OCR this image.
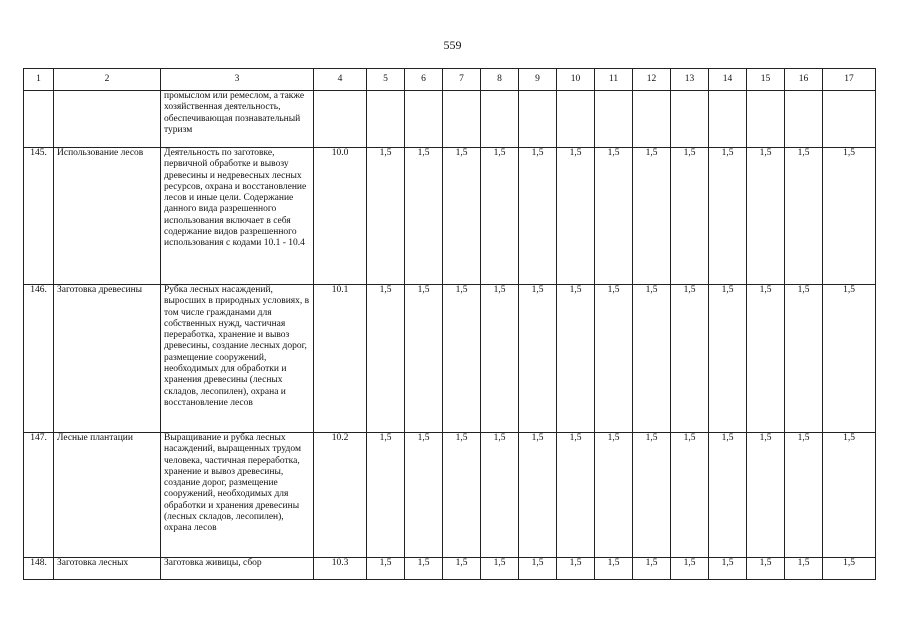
559
1	2	3	4	5	6	7	8	9	10	11	12	13	14	15	16	17
		промыслом или ремеслом, а также хозяйственная деятельность, обеспечивающая познавательный туризм														
145.	Использование лесов	Деятельность по заготовке, первичной обработке и вывозу древесины и недревесных лесных ресурсов, охрана и восстановление лесов и иные цели. Содержание данного вида разрешенного использования включает в себя содержание видов разрешенного использования с кодами 10.1 - 10.4	10.0	1,5	1,5	1,5	1,5	1,5	1,5	1,5	1,5	1,5	1,5	1,5	1,5	1,5
146.	Заготовка древесины	Рубка лесных насаждений, выросших в природных условиях, в том числе гражданами для собственных нужд, частичная переработка, хранение и вывоз древесины, создание лесных дорог, размещение сооружений, необходимых для обработки и хранения древесины (лесных складов, лесопилен), охрана и восстановление лесов	10.1	1,5	1,5	1,5	1,5	1,5	1,5	1,5	1,5	1,5	1,5	1,5	1,5	1,5
147.	Лесные плантации	Выращивание и рубка лесных насаждений, выращенных трудом человека, частичная переработка, хранение и вывоз древесины, создание дорог, размещение сооружений, необходимых для обработки и хранения древесины (лесных складов, лесопилен), охрана лесов	10.2	1,5	1,5	1,5	1,5	1,5	1,5	1,5	1,5	1,5	1,5	1,5	1,5	1,5
148.	Заготовка лесных	Заготовка живицы, сбор	10.3	1,5	1,5	1,5	1,5	1,5	1,5	1,5	1,5	1,5	1,5	1,5	1,5	1,5
